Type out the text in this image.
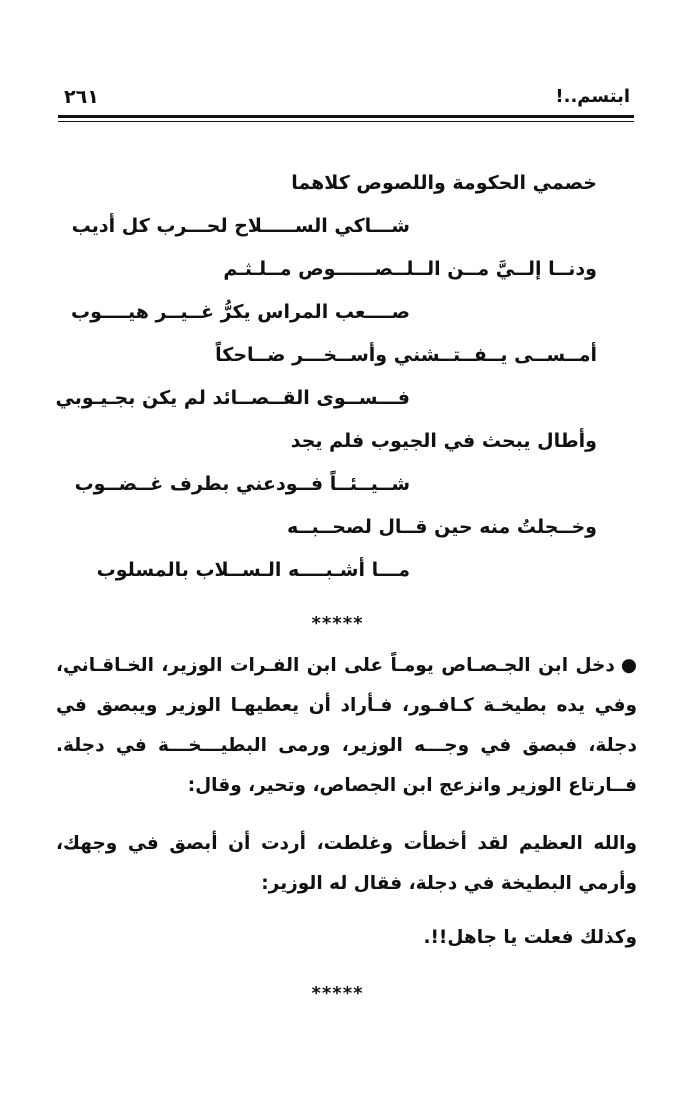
٢٦١	ابتسم..!
خصمي الحكومة واللصوص كلاهما
شـــاكي الســـــلاح لحـــرب كل أديب
ودنــا إلــيَّ مــن الــلــصــــــوص مــلـثـم
صــــعب المراس يكرُّ غــيــر هيــــوب
أمــســى يــفــتــشني وأســخـــر ضــاحكاً
فـــســوى القــصــائد لم يكن بجـيـوبي
وأطال يبحث في الجيوب فلم يجد
شــيــئــاً فــودعني بطرف غــضــوب
وخــجلتُ منه حين قــال لصحــبــه
مـــا أشـبــــه الـســلاب بالمسلوب
*****
●دخل ابن الجـصـاص يومـاً على ابن الفـرات الوزير، الخـاقـاني، وفي يده بطيخـة كـافـور، فـأراد أن يعطيهـا الوزير ويبصق في دجلة، فبصق في وجـــه الوزير، ورمى البطيـــخـــة في دجلة. فــارتاع الوزير وانزعج ابن الجصاص، وتحير، وقال:
والله العظيم لقد أخطأت وغلطت، أردت أن أبصق في وجهك، وأرمي البطيخة في دجلة، فقال له الوزير:
وكذلك فعلت يا جاهل!!.
*****
